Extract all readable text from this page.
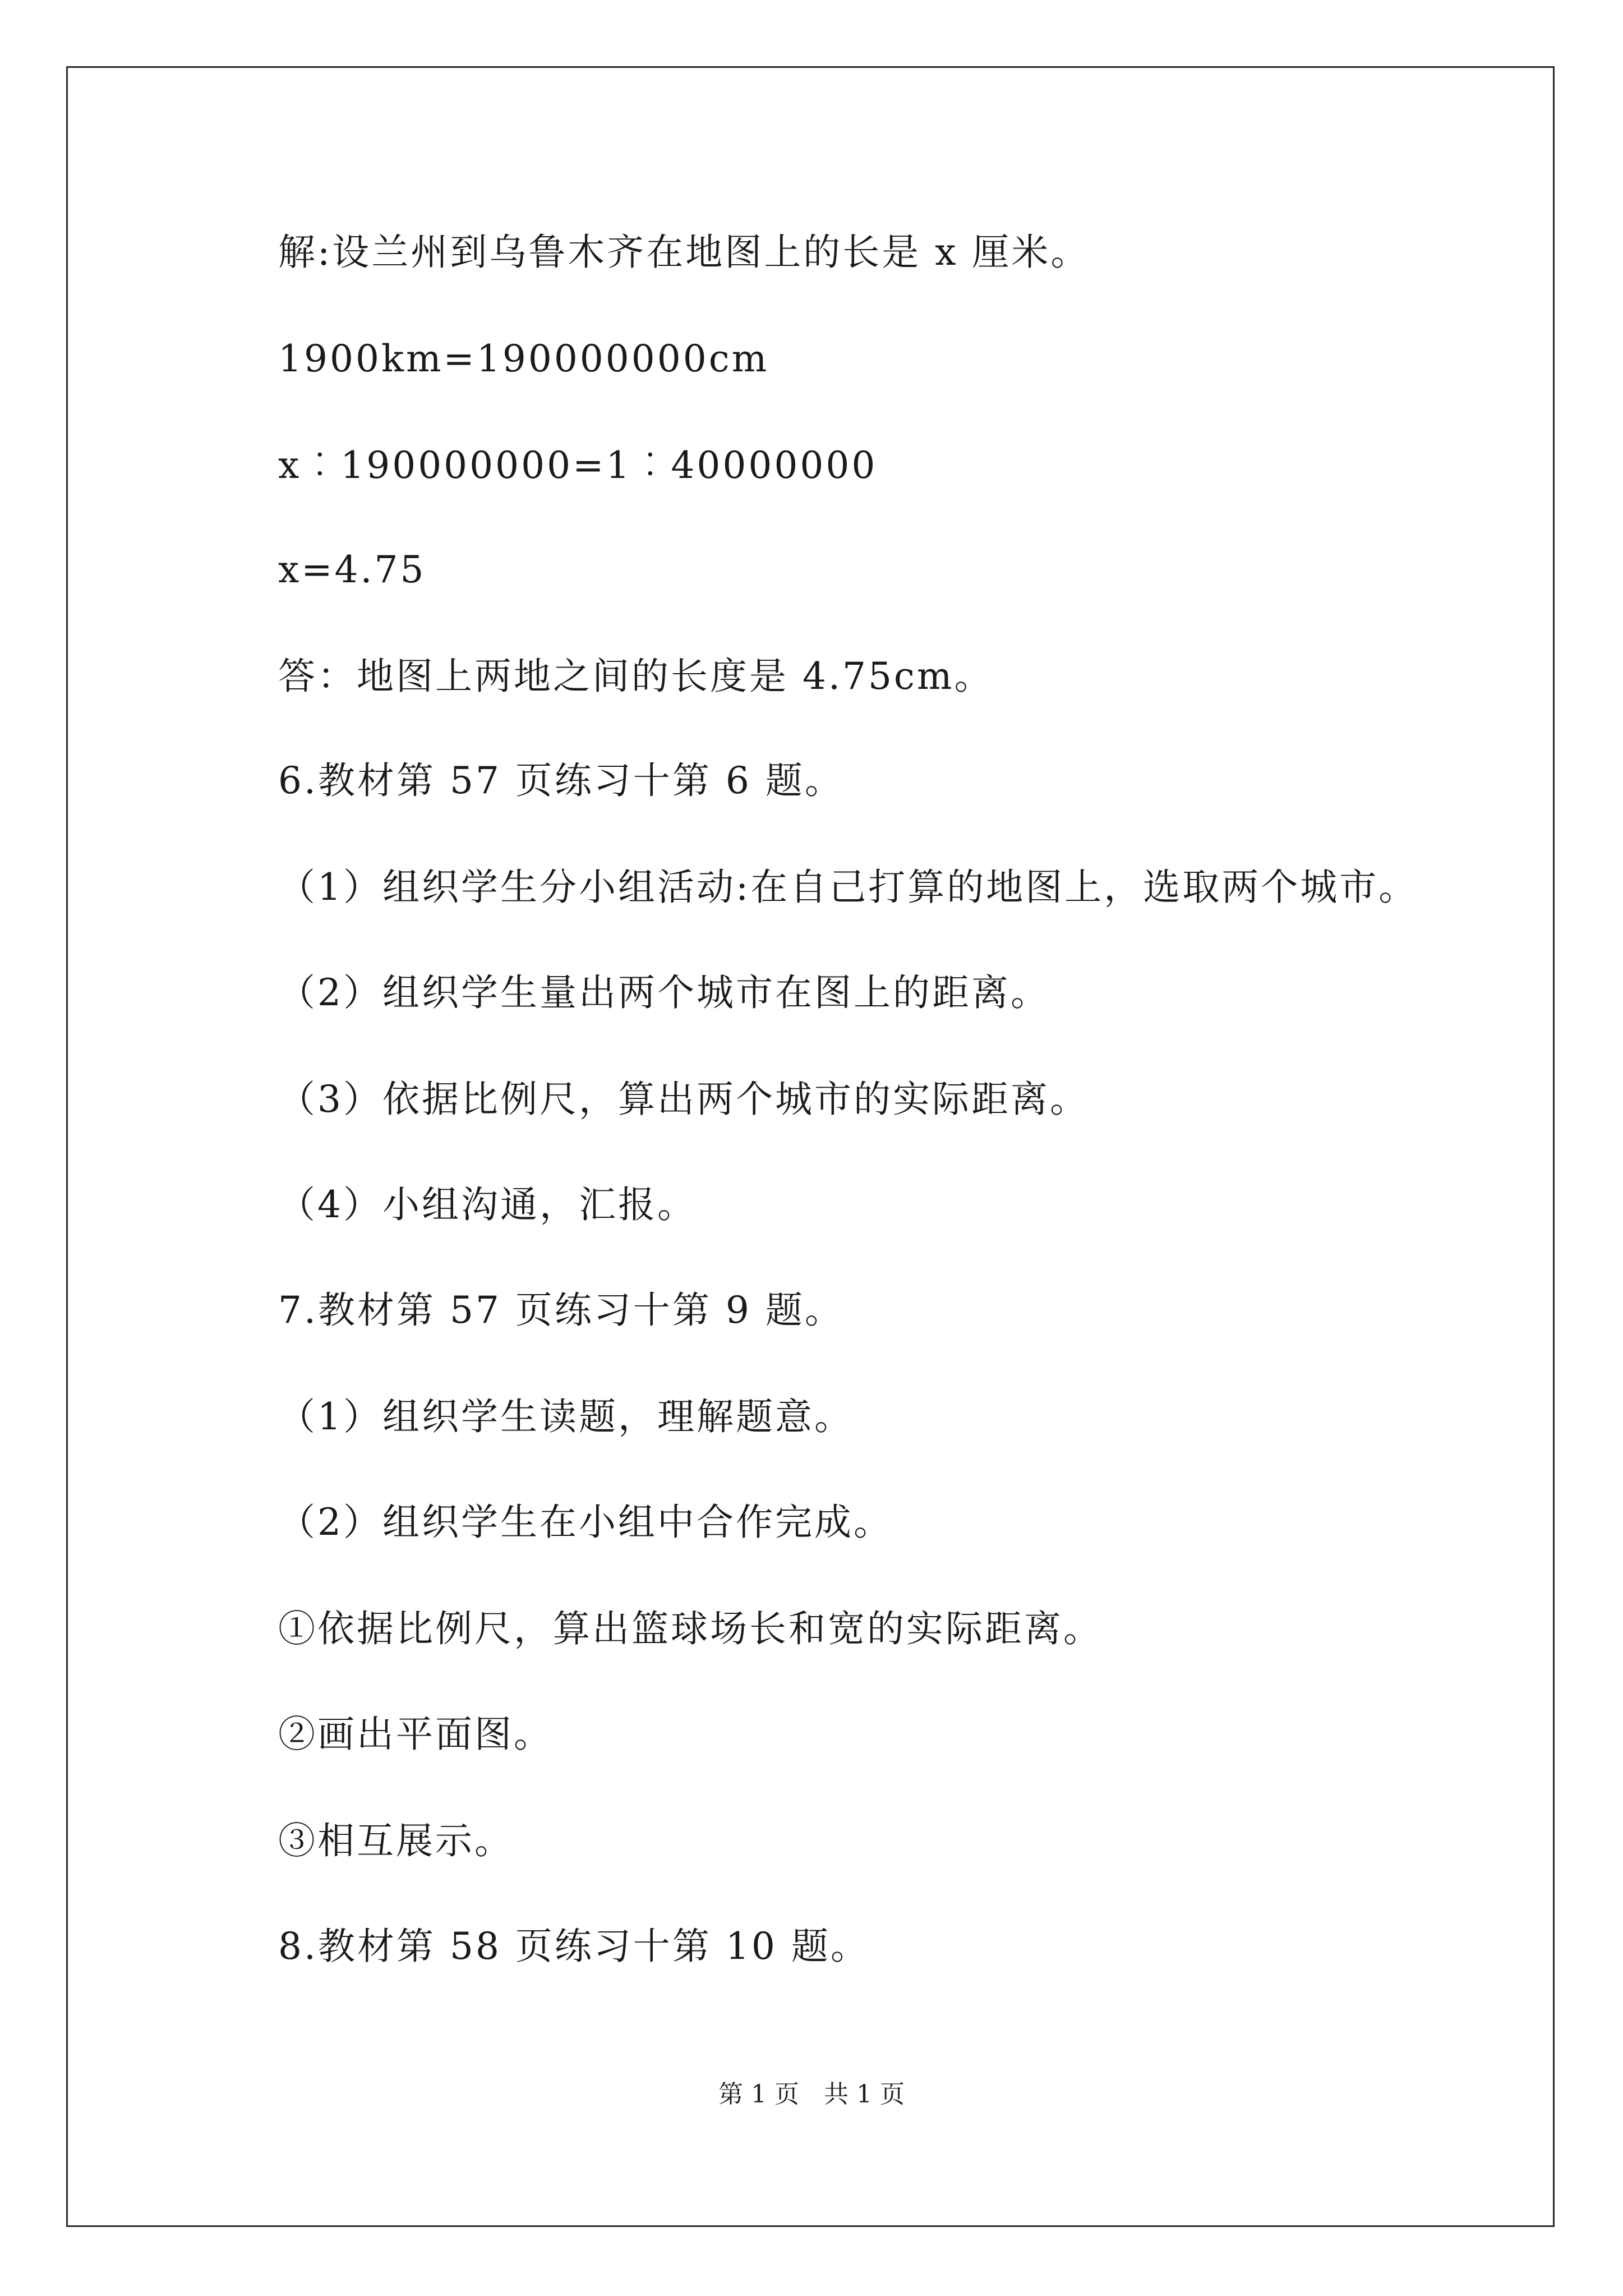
解:设兰州到乌鲁木齐在地图上的长是 x 厘米。
1900km=190000000cm
x︰190000000=1︰40000000
x=4.75
答：地图上两地之间的长度是 4.75cm。
6.教材第 57 页练习十第 6 题。
（1）组织学生分小组活动:在自己打算的地图上，选取两个城市。
（2）组织学生量出两个城市在图上的距离。
（3）依据比例尺，算出两个城市的实际距离。
（4）小组沟通，汇报。
7.教材第 57 页练习十第 9 题。
（1）组织学生读题，理解题意。
（2）组织学生在小组中合作完成。
①依据比例尺，算出篮球场长和宽的实际距离。
②画出平面图。
③相互展示。
8.教材第 58 页练习十第 10 题。
第 1 页　共 1 页
